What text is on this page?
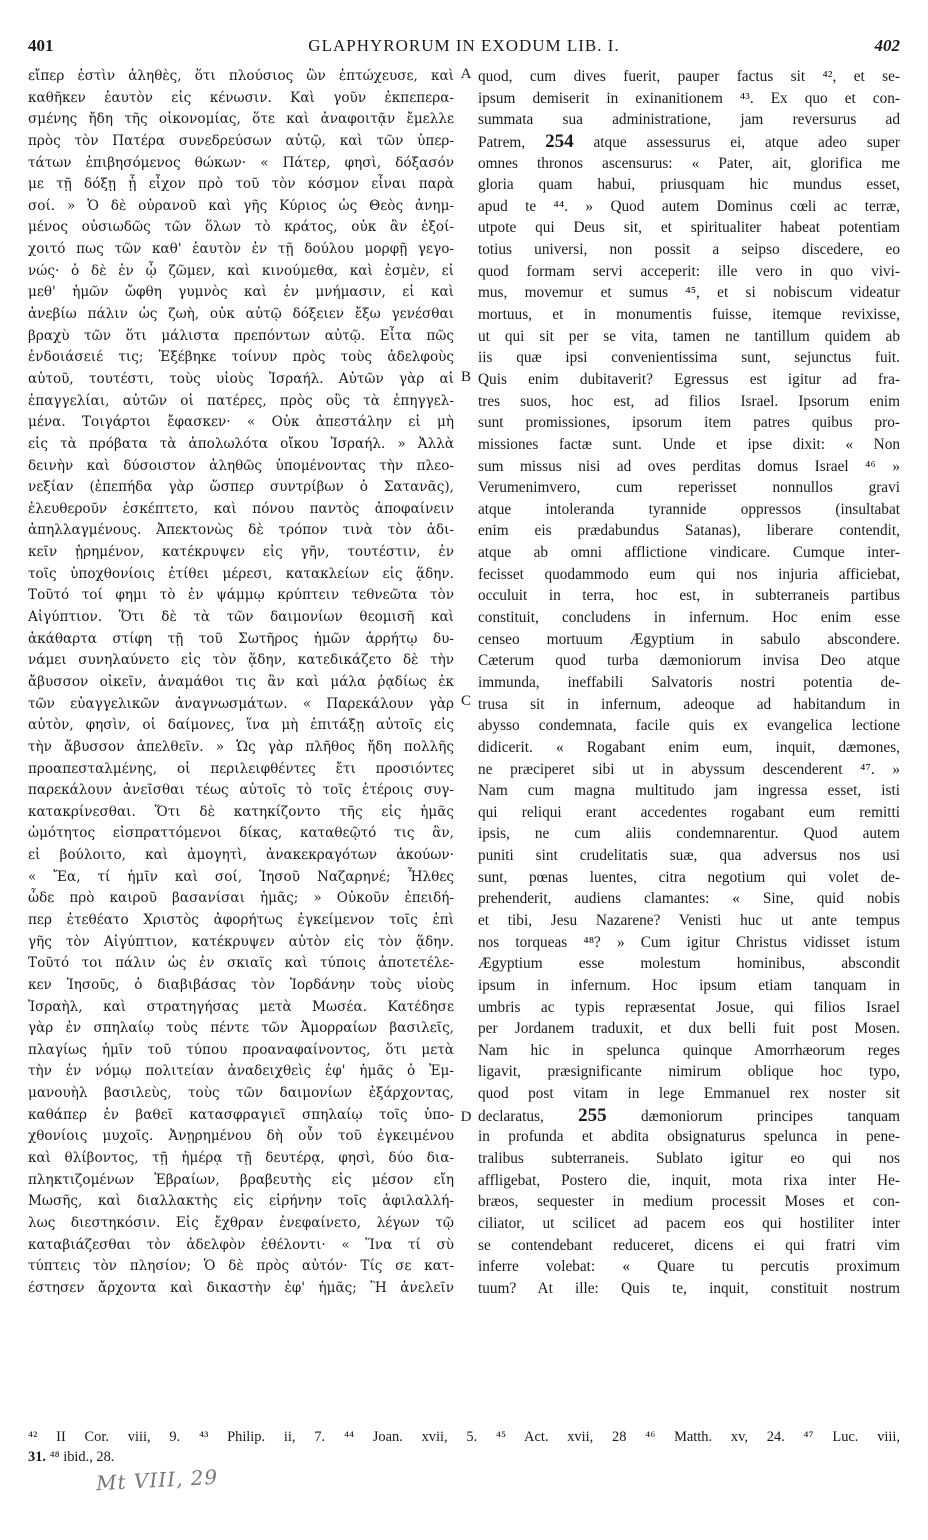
401	GLAPHYRORUM IN EXODUM LIB. I.	402
εἴπερ ἐστὶν ἀληθὲς, ὅτι πλούσιος ὢν ἐπτώχευσε, καὶ
καθῆκεν ἑαυτὸν εἰς κένωσιν. Καὶ γοῦν ἐκπεπερα-
σμένης ἤδη τῆς οἰκονομίας, ὅτε καὶ ἀναφοιτᾷν ἔμελλε
πρὸς τὸν Πατέρα συνεδρεύσων αὐτῷ, καὶ τῶν ὑπερ-
τάτων ἐπιβησόμενος θώκων· « Πάτερ, φησὶ, δόξασόν
με τῇ δόξῃ ᾗ εἶχον πρὸ τοῦ τὸν κόσμον εἶναι παρὰ
σοί. » Ὁ δὲ οὐρανοῦ καὶ γῆς Κύριος ὡς Θεὸς ἀνημ-
μένος οὐσιωδῶς τῶν ὅλων τὸ κράτος, οὐκ ἂν ἐξοί-
χοιτό πως τῶν καθ' ἑαυτὸν ἐν τῇ δούλου μορφῇ γεγο-
νώς· ὁ δὲ ἐν ᾧ ζῶμεν, καὶ κινούμεθα, καὶ ἐσμὲν, εἰ
μεθ' ἡμῶν ὤφθη γυμνὸς καὶ ἐν μνήμασιν, εἰ καὶ
ἀνεβίω πάλιν ὡς ζωὴ, οὐκ αὐτῷ δόξειεν ἔξω γενέσθαι
βραχὺ τῶν ὅτι μάλιστα πρεπόντων αὐτῷ. Εἶτα πῶς
ἐνδοιάσειέ τις; Ἐξέβηκε τοίνυν πρὸς τοὺς ἀδελφοὺς
αὐτοῦ, τουτέστι, τοὺς υἱοὺς Ἰσραήλ. Αὐτῶν γὰρ αἱ
ἐπαγγελίαι, αὐτῶν οἱ πατέρες, πρὸς οὓς τὰ ἐπηγγελ-
μένα. Τοιγάρτοι ἔφασκεν· « Οὐκ ἀπεστάλην εἰ μὴ
εἰς τὰ πρόβατα τὰ ἀπολωλότα οἴκου Ἰσραήλ. » Ἀλλὰ
δεινὴν καὶ δύσοιστον ἀληθῶς ὑπομένοντας τὴν πλεο-
νεξίαν (ἐπεπήδα γὰρ ὥσπερ συντρίβων ὁ Σατανᾶς),
ἐλευθεροῦν ἐσκέπτετο, καὶ πόνου παντὸς ἀποφαίνειν
ἀπηλλαγμένους. Ἀπεκτονὼς δὲ τρόπον τινὰ τὸν ἀδι-
κεῖν ᾑρημένον, κατέκρυψεν εἰς γῆν, τουτέστιν, ἐν
τοῖς ὑποχθονίοις ἐτίθει μέρεσι, κατακλείων εἰς ᾅδην.
Τοῦτό τοί φημι τὸ ἐν ψάμμῳ κρύπτειν τεθνεῶτα τὸν
Αἰγύπτιον. Ὅτι δὲ τὰ τῶν δαιμονίων θεομισῆ καὶ
ἀκάθαρτα στίφη τῇ τοῦ Σωτῆρος ἡμῶν ἀρρήτῳ δυ-
νάμει συνηλαύνετο εἰς τὸν ᾅδην, κατεδικάζετο δὲ τὴν
ἄβυσσον οἰκεῖν, ἀναμάθοι τις ἂν καὶ μάλα ῥᾳδίως ἐκ
τῶν εὐαγγελικῶν ἀναγνωσμάτων. « Παρεκάλουν γὰρ
αὐτὸν, φησὶν, οἱ δαίμονες, ἵνα μὴ ἐπιτάξῃ αὐτοῖς εἰς
τὴν ἄβυσσον ἀπελθεῖν. » Ὡς γὰρ πλῆθος ἤδη πολλῆς
προαπεσταλμένης, οἱ περιλειφθέντες ἔτι προσιόντες
παρεκάλουν ἀνεῖσθαι τέως αὐτοῖς τὸ τοῖς ἑτέροις συγ-
κατακρίνεσθαι. Ὅτι δὲ κατηκίζοντο τῆς εἰς ἡμᾶς
ὠμότητος εἰσπραττόμενοι δίκας, καταθεῷτό τις ἂν,
εἰ βούλοιτο, καὶ ἀμογητὶ, ἀνακεκραγότων ἀκούων·
« Ἔα, τί ἡμῖν καὶ σοί, Ἰησοῦ Ναζαρηνέ; Ἦλθες
ὧδε πρὸ καιροῦ βασανίσαι ἡμᾶς; » Οὐκοῦν ἐπειδή-
περ ἐτεθέατο Χριστὸς ἀφορήτως ἐγκείμενον τοῖς ἐπὶ
γῆς τὸν Αἰγύπτιον, κατέκρυψεν αὐτὸν εἰς τὸν ᾅδην.
Τοῦτό τοι πάλιν ὡς ἐν σκιαῖς καὶ τύποις ἀποτετέλε-
κεν Ἰησοῦς, ὁ διαβιβάσας τὸν Ἰορδάνην τοὺς υἱοὺς
Ἰσραὴλ, καὶ στρατηγήσας μετὰ Μωσέα. Κατέδησε
γὰρ ἐν σπηλαίῳ τοὺς πέντε τῶν Ἀμορραίων βασιλεῖς,
πλαγίως ἡμῖν τοῦ τύπου προαναφαίνοντος, ὅτι μετὰ
τὴν ἐν νόμῳ πολιτείαν ἀναδειχθεὶς ἐφ' ἡμᾶς ὁ Ἐμ-
μανουὴλ βασιλεὺς, τοὺς τῶν δαιμονίων ἐξάρχοντας,
καθάπερ ἐν βαθεῖ κατασφραγιεῖ σπηλαίῳ τοῖς ὑπο-
χθονίοις μυχοῖς. Ἀνῃρημένου δὴ οὖν τοῦ ἐγκειμένου
καὶ θλίβοντος, τῇ ἡμέρᾳ τῇ δευτέρᾳ, φησὶ, δύο δια-
πληκτιζομένων Ἑβραίων, βραβευτὴς εἰς μέσον εἴη
Μωσῆς, καὶ διαλλακτὴς εἰς εἰρήνην τοῖς ἀφιλαλλή-
λως διεστηκόσιν. Εἰς ἔχθραν ἐνεφαίνετο, λέγων τῷ
καταβιάζεσθαι τὸν ἀδελφὸν ἐθέλοντι· « Ἵνα τί σὺ
τύπτεις τὸν πλησίον; Ὁ δὲ πρὸς αὐτόν· Τίς σε κατ-
έστησεν ἄρχοντα καὶ δικαστὴν ἐφ' ἡμᾶς; Ἢ ἀνελεῖν
A
B
C
D
quod, cum dives fuerit, pauper factus sit ⁴², et se-
ipsum demiserit in exinanitionem ⁴³. Ex quo et con-
summata sua administratione, jam reversurus ad
Patrem, 254 atque assessurus ei, atque adeo super
omnes thronos ascensurus: « Pater, ait, glorifica me
gloria quam habui, priusquam hic mundus esset,
apud te ⁴⁴. » Quod autem Dominus cœli ac terræ,
utpote qui Deus sit, et spiritualiter habeat potentiam
totius universi, non possit a seipso discedere, eo
quod formam servi acceperit: ille vero in quo vivi-
mus, movemur et sumus ⁴⁵, et si nobiscum videatur
mortuus, et in monumentis fuisse, itemque revixisse,
ut qui sit per se vita, tamen ne tantillum quidem ab
iis quæ ipsi convenientissima sunt, sejunctus fuit.
Quis enim dubitaverit? Egressus est igitur ad fra-
tres suos, hoc est, ad filios Israel. Ipsorum enim
sunt promissiones, ipsorum item patres quibus pro-
missiones factæ sunt. Unde et ipse dixit: « Non
sum missus nisi ad oves perditas domus Israel ⁴⁶ »
Verumenimvero, cum reperisset nonnullos gravi
atque intoleranda tyrannide oppressos (insultabat
enim eis prædabundus Satanas), liberare contendit,
atque ab omni afflictione vindicare. Cumque inter-
fecisset quodammodo eum qui nos injuria afficiebat,
occuluit in terra, hoc est, in subterraneis partibus
constituit, concludens in infernum. Hoc enim esse
censeo mortuum Ægyptium in sabulo abscondere.
Cæterum quod turba dæmoniorum invisa Deo atque
immunda, ineffabili Salvatoris nostri potentia de-
trusa sit in infernum, adeoque ad habitandum in
abysso condemnata, facile quis ex evangelica lectione
didicerit. « Rogabant enim eum, inquit, dæmones,
ne præciperet sibi ut in abyssum descenderent ⁴⁷. »
Nam cum magna multitudo jam ingressa esset, isti
qui reliqui erant accedentes rogabant eum remitti
ipsis, ne cum aliis condemnarentur. Quod autem
puniti sint crudelitatis suæ, qua adversus nos usi
sunt, pœnas luentes, citra negotium qui volet de-
prehenderit, audiens clamantes: « Sine, quid nobis
et tibi, Jesu Nazarene? Venisti huc ut ante tempus
nos torqueas ⁴⁸? » Cum igitur Christus vidisset istum
Ægyptium esse molestum hominibus, abscondit
ipsum in infernum. Hoc ipsum etiam tanquam in
umbris ac typis repræsentat Josue, qui filios Israel
per Jordanem traduxit, et dux belli fuit post Mosen.
Nam hic in spelunca quinque Amorrhæorum reges
ligavit, præsignificante nimirum oblique hoc typo,
quod post vitam in lege Emmanuel rex noster sit
declaratus, 255 dæmoniorum principes tanquam
in profunda et abdita obsignaturus spelunca in pene-
tralibus subterraneis. Sublato igitur eo qui nos
affligebat, Postero die, inquit, mota rixa inter He-
bræos, sequester in medium processit Moses et con-
ciliator, ut scilicet ad pacem eos qui hostiliter inter
se contendebant reduceret, dicens ei qui fratri vim
inferre volebat: « Quare tu percutis proximum
tuum? At ille: Quis te, inquit, constituit nostrum
⁴² II Cor. viii, 9. ⁴³ Philip. ii, 7. ⁴⁴ Joan. xvii, 5. ⁴⁵ Act. xvii, 28 ⁴⁶ Matth. xv, 24. ⁴⁷ Luc. viii,
31. ⁴⁸ ibid., 28.
Mt VIII, 29
